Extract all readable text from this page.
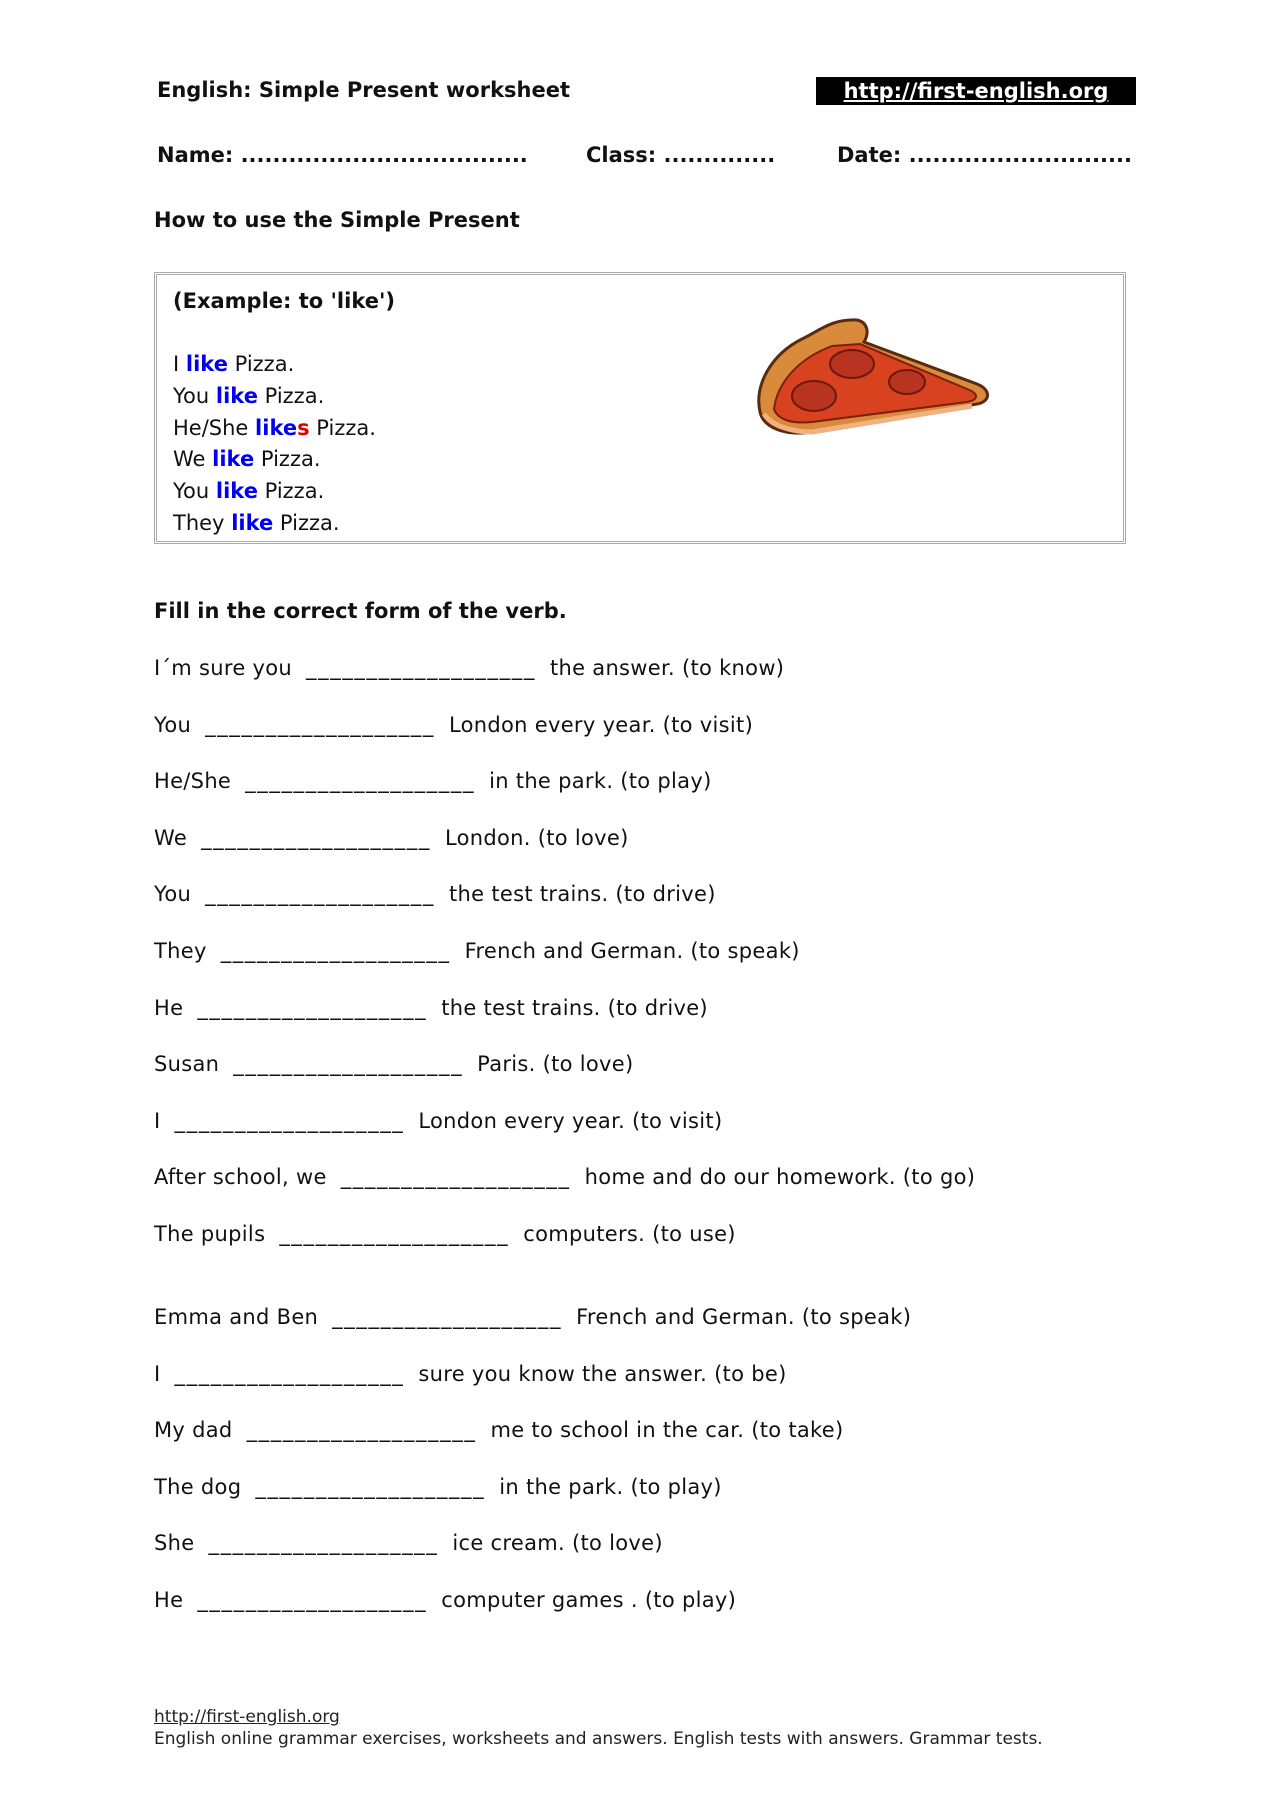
English: Simple Present worksheet	http://first-english.org
Name: ....................................	Class: ..............	Date: ............................
How to use the Simple Present
(Example: to 'like')
I like Pizza.
You like Pizza.
He/She likes Pizza.
We like Pizza.
You like Pizza.
They like Pizza.
Fill in the correct form of the verb.
I´m sure you ___________________ the answer. (to know)
You ___________________ London every year. (to visit)
He/She ___________________ in the park. (to play)
We ___________________ London. (to love)
You ___________________ the test trains. (to drive)
They ___________________ French and German. (to speak)
He ___________________ the test trains. (to drive)
Susan ___________________ Paris. (to love)
I ___________________ London every year. (to visit)
After school, we ___________________ home and do our homework. (to go)
The pupils ___________________ computers. (to use)
Emma and Ben ___________________ French and German. (to speak)
I ___________________ sure you know the answer. (to be)
My dad ___________________ me to school in the car. (to take)
The dog ___________________ in the park. (to play)
She ___________________ ice cream. (to love)
He ___________________ computer games . (to play)
http://first-english.org
English online grammar exercises, worksheets and answers. English tests with answers. Grammar tests.
